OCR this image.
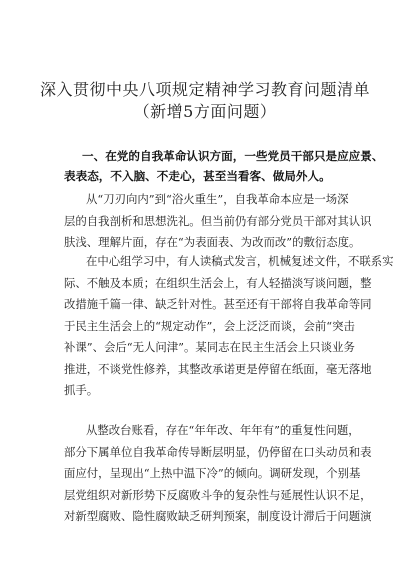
深入贯彻中央八项规定精神学习教育问题清单
（新增5方面问题）
一、在党的自我革命认识方面，一些党员干部只是应应景、
表表态，不入脑、不走心，甚至当看客、做局外人。
从“刀刃向内”到“浴火重生”，自我革命本应是一场深
层的自我剖析和思想洗礼。但当前仍有部分党员干部对其认识
肤浅、理解片面，存在“为表面表、为改而改”的敷衍态度。
在中心组学习中，有人读稿式发言，机械复述文件，不联系实
际、不触及本质；在组织生活会上，有人轻描淡写谈问题，整
改措施千篇一律、缺乏针对性。甚至还有干部将自我革命等同
于民主生活会上的“规定动作”，会上泛泛而谈，会前“突击
补课”、会后“无人问津”。某同志在民主生活会上只谈业务
推进，不谈党性修养，其整改承诺更是停留在纸面，毫无落地
抓手。
从整改台账看，存在“年年改、年年有”的重复性问题，
部分下属单位自我革命传导断层明显，仍停留在口头动员和表
面应付，呈现出“上热中温下冷”的倾向。调研发现，个别基
层党组织对新形势下反腐败斗争的复杂性与延展性认识不足，
对新型腐败、隐性腐败缺乏研判预案，制度设计滞后于问题演
